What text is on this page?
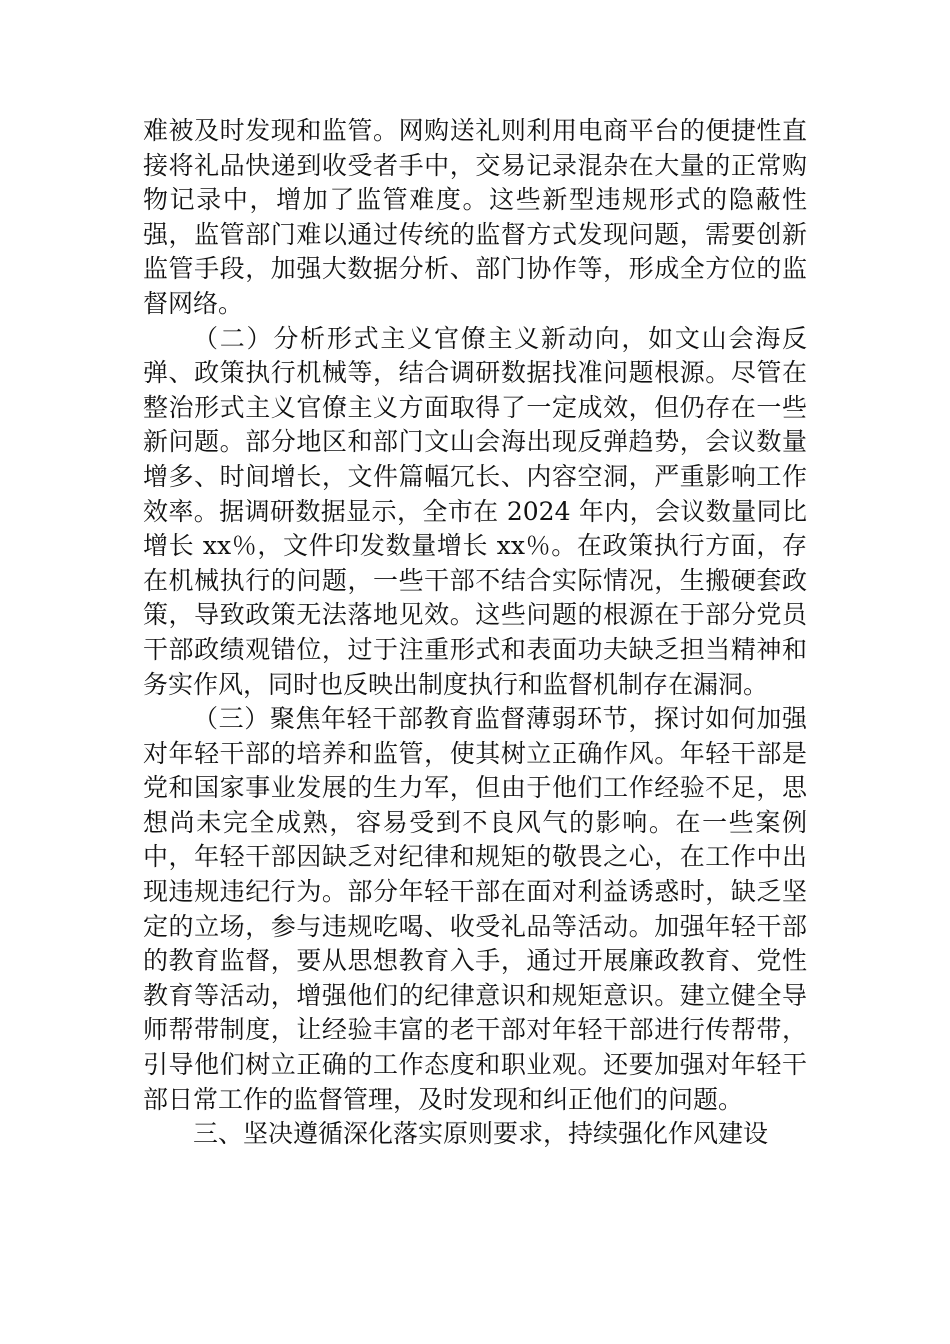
难被及时发现和监管。网购送礼则利用电商平台的便捷性直接将礼品快递到收受者手中，交易记录混杂在大量的正常购物记录中，增加了监管难度。这些新型违规形式的隐蔽性强，监管部门难以通过传统的监督方式发现问题，需要创新监管手段，加强大数据分析、部门协作等，形成全方位的监督网络。

（二）分析形式主义官僚主义新动向，如文山会海反弹、政策执行机械等，结合调研数据找准问题根源。尽管在整治形式主义官僚主义方面取得了一定成效，但仍存在一些新问题。部分地区和部门文山会海出现反弹趋势，会议数量增多、时间增长，文件篇幅冗长、内容空洞，严重影响工作效率。据调研数据显示，全市在 2024 年内，会议数量同比增长 xx％，文件印发数量增长 xx％。在政策执行方面，存在机械执行的问题，一些干部不结合实际情况，生搬硬套政策，导致政策无法落地见效。这些问题的根源在于部分党员干部政绩观错位，过于注重形式和表面功夫缺乏担当精神和务实作风，同时也反映出制度执行和监督机制存在漏洞。

（三）聚焦年轻干部教育监督薄弱环节，探讨如何加强对年轻干部的培养和监管，使其树立正确作风。年轻干部是党和国家事业发展的生力军，但由于他们工作经验不足，思想尚未完全成熟，容易受到不良风气的影响。在一些案例中，年轻干部因缺乏对纪律和规矩的敬畏之心，在工作中出现违规违纪行为。部分年轻干部在面对利益诱惑时，缺乏坚定的立场，参与违规吃喝、收受礼品等活动。加强年轻干部的教育监督，要从思想教育入手，通过开展廉政教育、党性教育等活动，增强他们的纪律意识和规矩意识。建立健全导师帮带制度，让经验丰富的老干部对年轻干部进行传帮带，引导他们树立正确的工作态度和职业观。还要加强对年轻干部日常工作的监督管理，及时发现和纠正他们的问题。

三、坚决遵循深化落实原则要求，持续强化作风建设
